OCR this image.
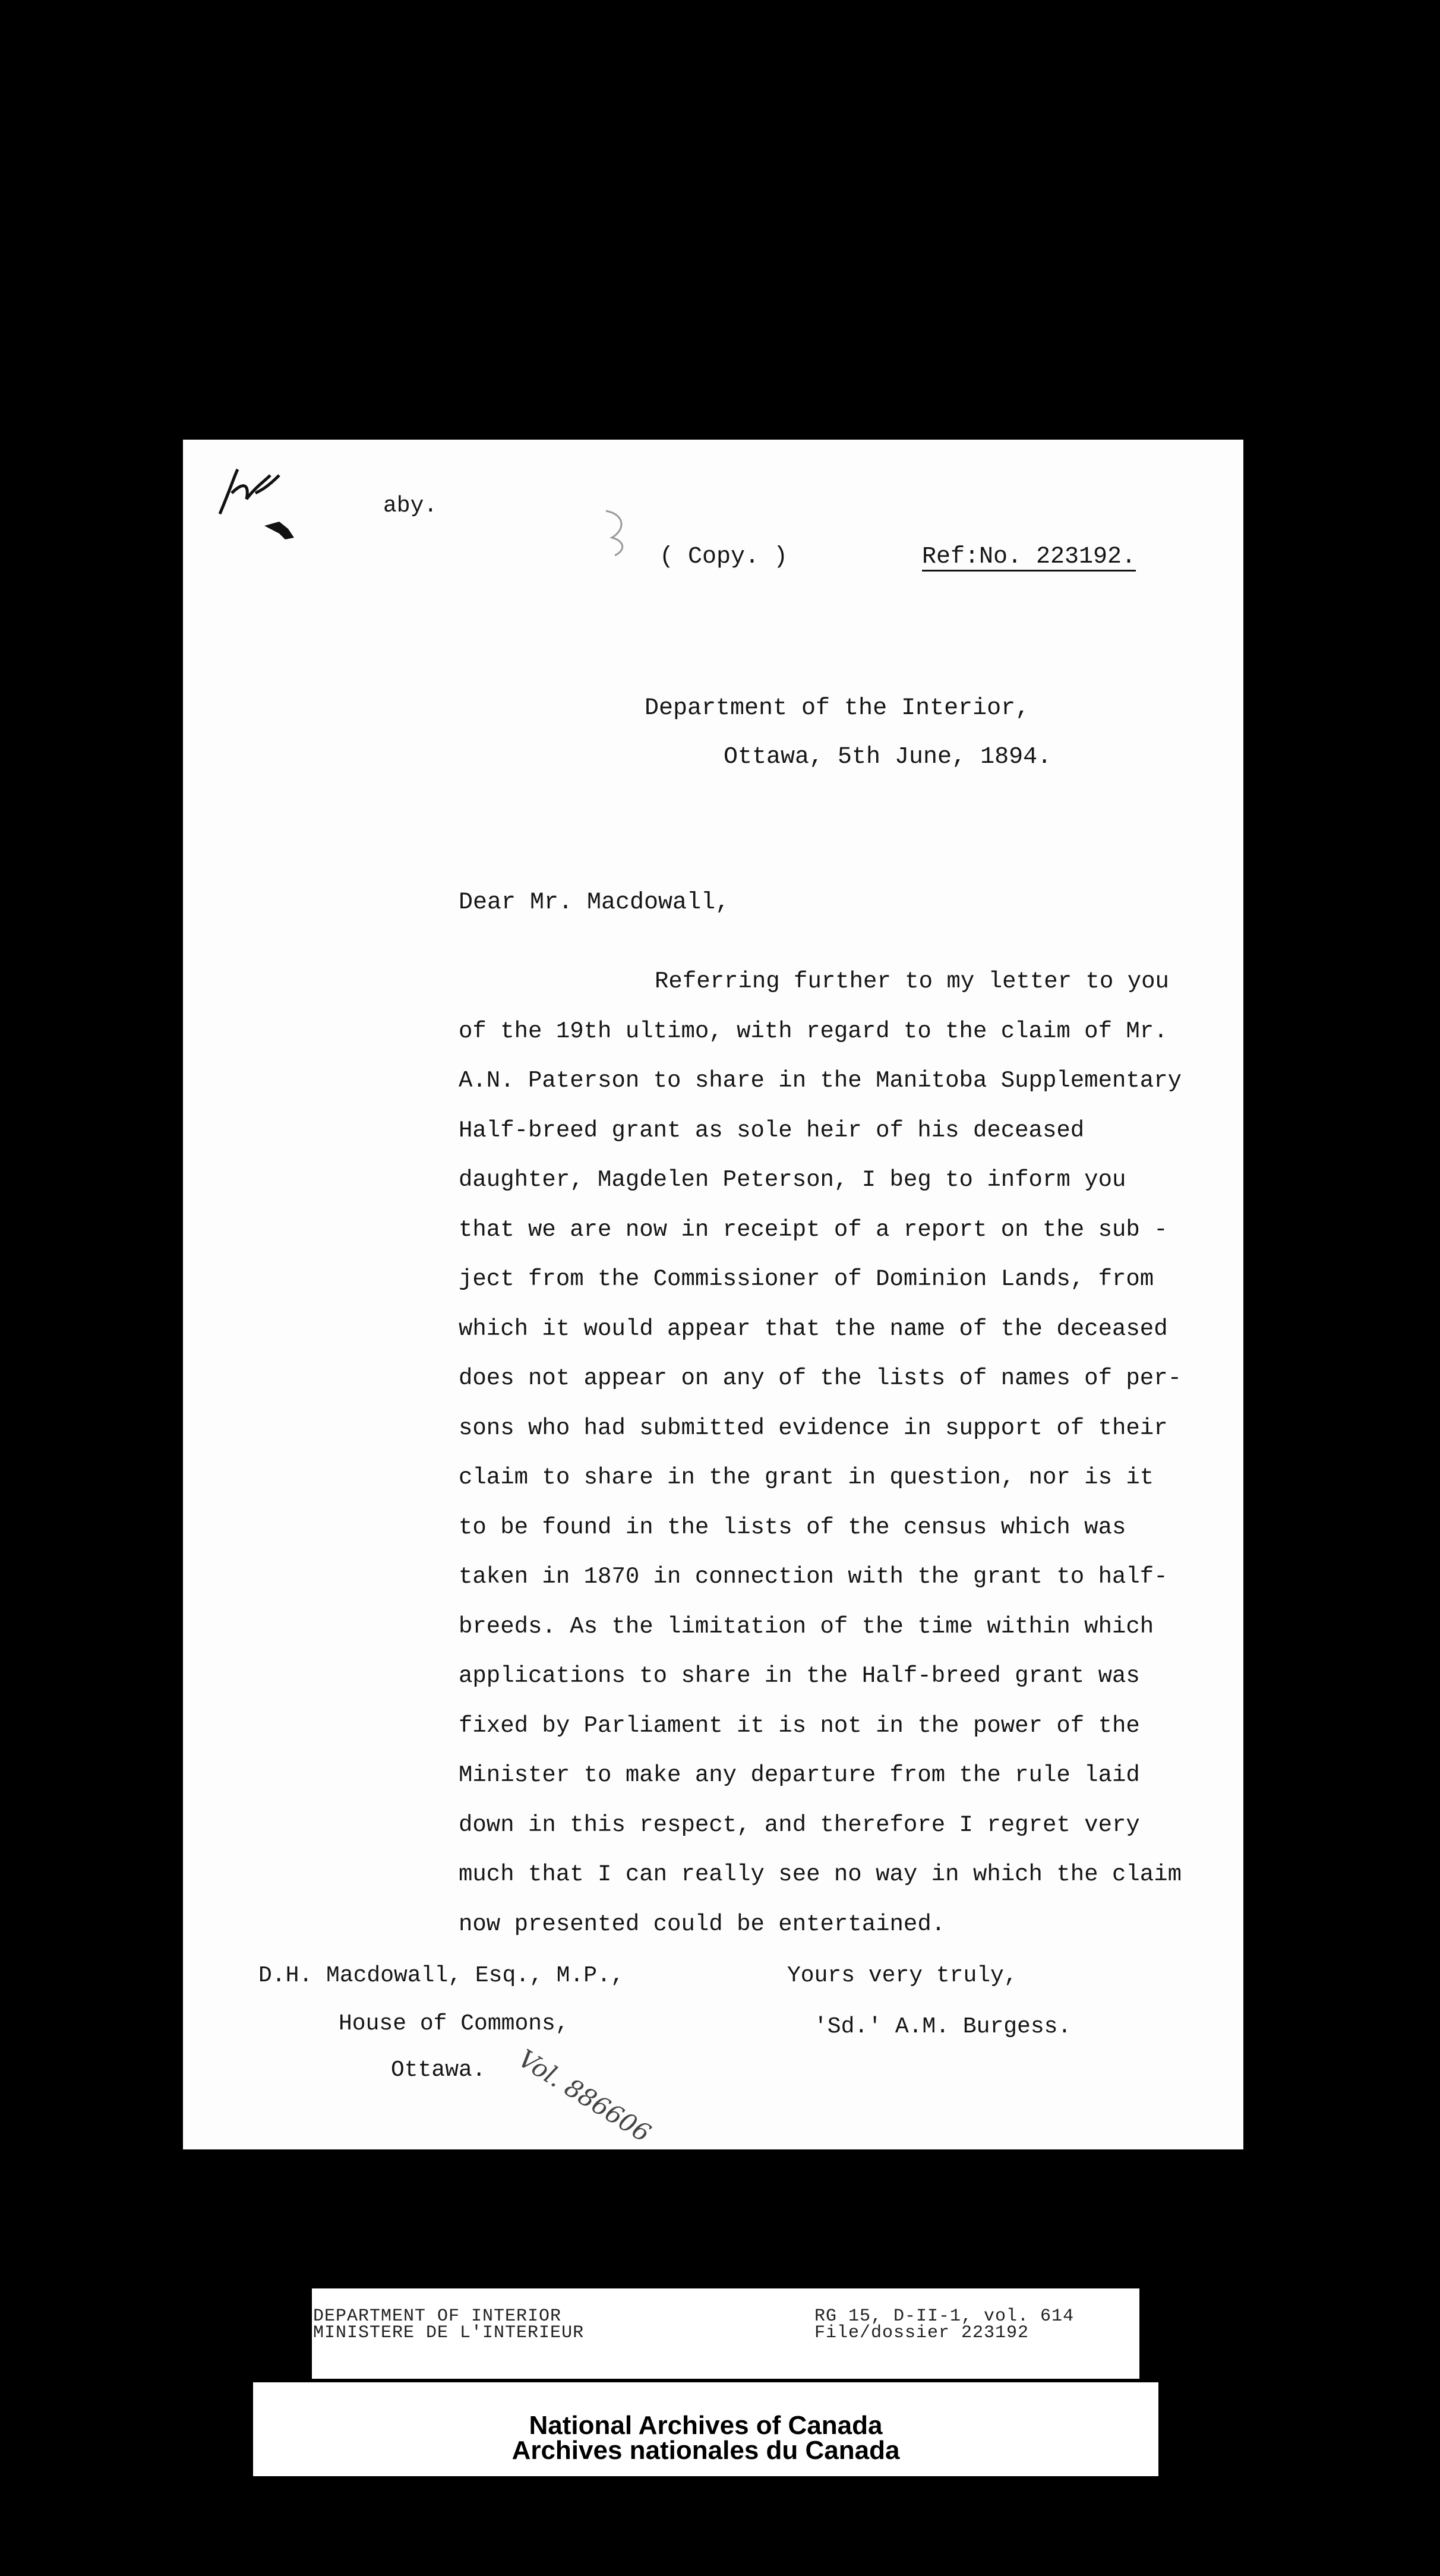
aby.
( Copy. )	Ref:No. 223192.
Department of the Interior,
Ottawa, 5th June, 1894.
Dear Mr. Macdowall,
Referring further to my letter to you
of the 19th ultimo, with regard to the claim of Mr.
A.N. Paterson to share in the Manitoba Supplementary
Half-breed grant as sole heir of his deceased
daughter, Magdelen Peterson, I beg to inform you
that we are now in receipt of a report on the sub -
ject from the Commissioner of Dominion Lands, from
which it would appear that the name of the deceased
does not appear on any of the lists of names of per-
sons who had submitted evidence in support of their
claim to share in the grant in question, nor is it
to be found in the lists of the census which was
taken in 1870 in connection with the grant to half-
breeds. As the limitation of the time within which
applications to share in the Half-breed grant was
fixed by Parliament it is not in the power of the
Minister to make any departure from the rule laid
down in this respect, and therefore I regret very
much that I can really see no way in which the claim
now presented could be entertained.
D.H. Macdowall, Esq., M.P.,
House of Commons,
Ottawa.
Yours very truly,
'Sd.' A.M. Burgess.
Vol. 886606
DEPARTMENT OF INTERIOR
MINISTERE DE L'INTERIEUR
RG 15, D-II-1, vol. 614
File/dossier 223192
National Archives of Canada
Archives nationales du Canada
